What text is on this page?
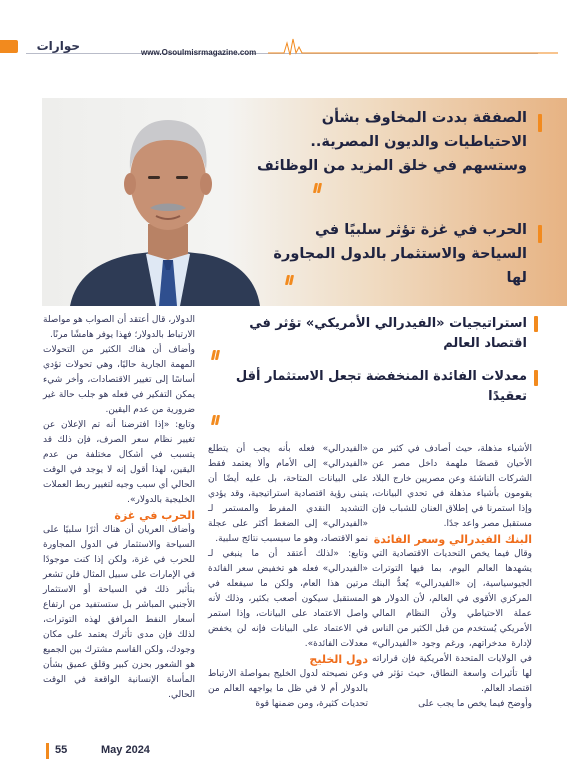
حوارات	www.Osoulmisrmagazine.com
الصفقة بددت المخاوف بشأن الاحتياطيات والديون المصرية.. وستسهم في خلق المزيد من الوظائف
الحرب في غزة تؤثر سلبيًا في السياحة والاستثمار بالدول المجاورة لها

الدولار، قال أعتقد أن الصواب هو مواصلة الارتباط بالدولار؛ فهذا يوفر هامشًا مرنًا.

وأضاف أن هناك الكثير من التحولات المهمة الجارية حاليًا، وهي تحولات تؤدي أساسًا إلى تغيير الاقتصادات، وأخر شيء يمكن التفكير في فعله هو جلب حالة غير ضرورية من عدم اليقين.

وتابع: «إذا افترضنا أنه تم الإعلان عن تغيير نظام سعر الصرف، فإن ذلك قد يتسبب في أشكال مختلفة من عدم اليقين، لهذا أقول إنه لا يوجد في الوقت الحالي أي سبب وجيه لتغيير ربط العملات الخليجية بالدولار».

الحرب في غزة

وأضاف العريان أن هناك أثرًا سلبيًا على السياحة والاستثمار في الدول المجاورة للحرب في غزة، ولكن إذا كنت موجودًا في الإمارات على سبيل المثال فلن تشعر بتأثير ذلك في السياحة أو الاستثمار الأجنبي المباشر بل ستستفيد من ارتفاع أسعار النفط المرافق لهذه التوترات، لذلك فإن مدى تأثرك يعتمد على مكان وجودك، ولكن القاسم مشترك بين الجميع هو الشعور بحزن كبير وقلق عميق بشأن المأساة الإنسانية الواقعة في الوقت الحالي.

استراتيجيات «الفيدرالي الأمريكي» تؤثر في اقتصاد العالم
معدلات الفائدة المنخفضة تجعل الاستثمار أقل تعقيدًا

«الفيدرالي» فعله بأنه يجب أن يتطلع «الفيدرالي» إلى الأمام وألا يعتمد فقط على البيانات المتاحة، بل عليه أيضًا أن يتبنى رؤية اقتصادية استراتيجية، وقد يؤدي التشديد النقدي المفرط والمستمر لـ «الفيدرالي» إلى الضغط أكثر على عجلة نمو الاقتصاد، وهو ما سيسبب نتائج سلبية.

وتابع: «لذلك أعتقد أن ما ينبغي لـ «الفيدرالي» فعله هو تخفيض سعر الفائدة مرتين هذا العام، ولكن ما سيفعله في المستقبل سيكون أصعب بكثير، وذلك لأنه واصل الاعتماد على البيانات، وإذا استمر في الاعتماد على البيانات فإنه لن يخفض معدلات الفائدة».

دول الخليج

وعن نصيحته لدول الخليج بمواصلة الارتباط بالدولار أم لا في ظل ما يواجهه العالم من تحديات كثيرة، ومن ضمنها قوة

الأشياء مذهلة، حيث أصادف في كثير من الأحيان قصصًا ملهمة داخل مصر عن الشركات الناشئة وعن مصريين خارج البلاد يقومون بأشياء مذهلة في تحدي البيانات، وإذا استمرنا في إطلاق العنان للشباب فإن مستقبل مصر واعد جدًا.

البنك الفيدرالي وسعر الفائدة

وقال فيما يخص التحديات الاقتصادية التي يشهدها العالم اليوم، بما فيها التوترات الجيوسياسية، إن «الفيدرالي» يُعدُّ البنك المركزي الأقوى في العالم، لأن الدولار هو عملة الاحتياطي ولأن النظام المالي الأمريكي يُستخدم من قبل الكثير من الناس لإدارة مدخراتهم، ورغم وجود «الفيدرالي» في الولايات المتحدة الأمريكية فإن قراراته لها تأثيرات واسعة النطاق، حيث تؤثر في اقتصاد العالم.

وأوضح فيما يخص ما يجب على

55	May 2024
